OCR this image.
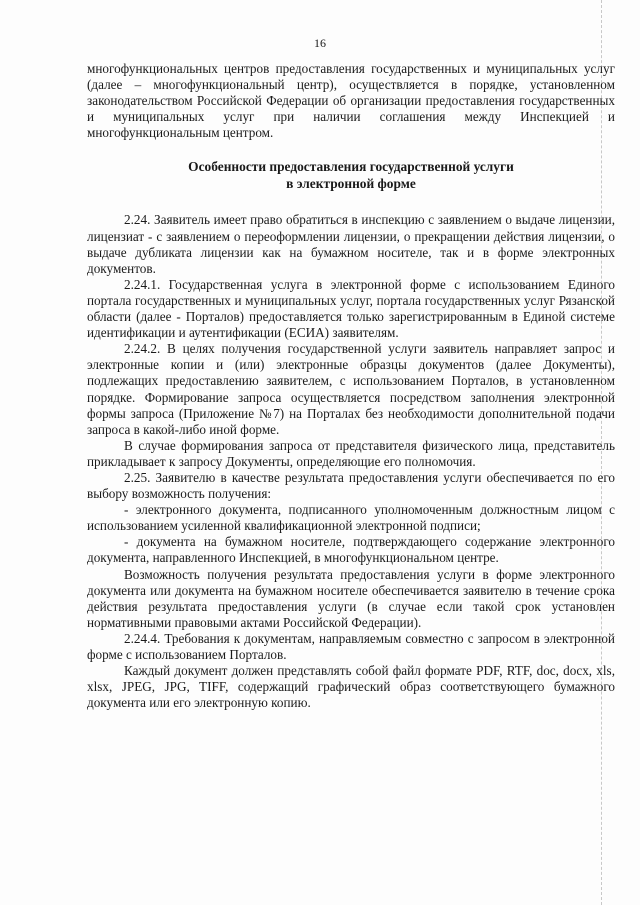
16

многофункциональных центров предоставления государственных и муниципальных услуг (далее – многофункциональный центр), осуществляется в порядке, установленном законодательством Российской Федерации об организации предоставления государственных и муниципальных услуг при наличии соглашения между Инспекцией и многофункциональным центром.

Особенности предоставления государственной услуги

в электронной форме

2.24. Заявитель имеет право обратиться в инспекцию с заявлением о выдаче лицензии, лицензиат - с заявлением о переоформлении лицензии, о прекращении действия лицензии, о выдаче дубликата лицензии как на бумажном носителе, так и в форме электронных документов.

2.24.1. Государственная услуга в электронной форме с использованием Единого портала государственных и муниципальных услуг, портала государственных услуг Рязанской области (далее - Порталов) предоставляется только зарегистрированным в Единой системе идентификации и аутентификации (ЕСИА) заявителям.

2.24.2. В целях получения государственной услуги заявитель направляет запрос и электронные копии и (или) электронные образцы документов (далее Документы), подлежащих предоставлению заявителем, с использованием Порталов, в установленном порядке. Формирование запроса осуществляется посредством заполнения электронной формы запроса (Приложение №7) на Порталах без необходимости дополнительной подачи запроса в какой-либо иной форме.

В случае формирования запроса от представителя физического лица, представитель прикладывает к запросу Документы, определяющие его полномочия.

2.25. Заявителю в качестве результата предоставления услуги обеспечивается по его выбору возможность получения:

- электронного документа, подписанного уполномоченным должностным лицом с использованием усиленной квалификационной электронной подписи;

- документа на бумажном носителе, подтверждающего содержание электронного документа, направленного Инспекцией, в многофункциональном центре.

Возможность получения результата предоставления услуги в форме электронного документа или документа на бумажном носителе обеспечивается заявителю в течение срока действия результата предоставления услуги (в случае если такой срок установлен нормативными правовыми актами Российской Федерации).

2.24.4. Требования к документам, направляемым совместно с запросом в электронной форме с использованием Порталов.

Каждый документ должен представлять собой файл формате PDF, RTF, doc, docx, xls, xlsx, JPEG, JPG, TIFF, содержащий графический образ соответствующего бумажного документа или его электронную копию.
